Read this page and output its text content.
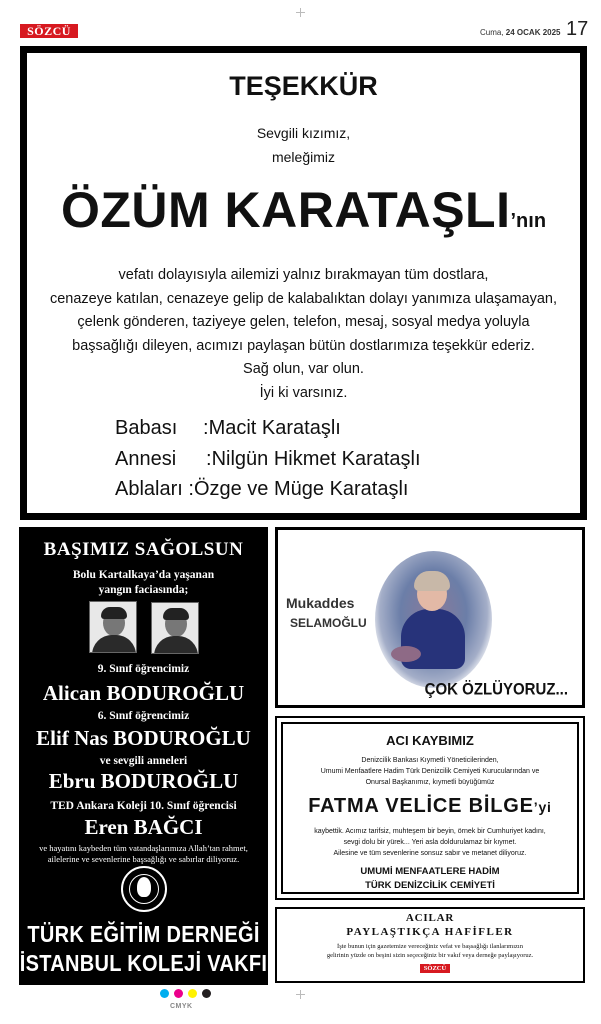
SÖZCÜ	Cuma, 24 OCAK 2025 17
TEŞEKKÜR
Sevgili kızımız,
meleğimiz
ÖZÜM KARATAŞLI’nın
vefatı dolayısıyla ailemizi yalnız bırakmayan tüm dostlara,
cenazeye katılan, cenazeye gelip de kalabalıktan dolayı yanımıza ulaşamayan,
çelenk gönderen, taziyeye gelen, telefon, mesaj, sosyal medya yoluyla
başsağlığı dileyen, acımızı paylaşan bütün dostlarımıza teşekkür ederiz.
Sağ olun, var olun.
İyi ki varsınız.
Babası :Macit Karataşlı
Annesi :Nilgün Hikmet Karataşlı
Ablaları :Özge ve Müge Karataşlı
BAŞIMIZ SAĞOLSUN
Bolu Kartalkaya’da yaşanan
yangın faciasında;
9. Sınıf öğrencimiz
Alican BODUROĞLU
6. Sınıf öğrencimiz
Elif Nas BODUROĞLU
ve sevgili anneleri
Ebru BODUROĞLU
TED Ankara Koleji 10. Sınıf öğrencisi
Eren BAĞCI
ve hayatını kaybeden tüm vatandaşlarımıza Allah’tan rahmet,
ailelerine ve sevenlerine başsağlığı ve sabırlar diliyoruz.
TÜRK EĞİTİM DERNEĞİ
İSTANBUL KOLEJİ VAKFI
Mukaddes
SELAMOĞLU
ÇOK ÖZLÜYORUZ...
ACI KAYBIMIZ
Denizcilik Bankası Kıymetli Yöneticilerinden,
Umumi Menfaatlere Hadim Türk Denizcilik Cemiyeti Kurucularından ve
Onursal Başkanımız, kıymetli büyüğümüz
FATMA VELİCE BİLGE’yi
kaybettik. Acımız tarifsiz, muhteşem bir beyin, örnek bir Cumhuriyet kadını,
sevgi dolu bir yürek... Yeri asla doldurulamaz bir kıymet.
Ailesine ve tüm sevenlerine sonsuz sabır ve metanet diliyoruz.
UMUMİ MENFAATLERE HADİM
TÜRK DENİZCİLİK CEMİYETİ
ACILAR
PAYLAŞTIKÇA HAFİFLER
İşte bunun için gazetemize vereceğiniz vefat ve başsağlığı ilanlarımızın
gelirinin yüzde on beşini sizin seçeceğiniz bir vakıf veya derneğe paylaşıyoruz.
SÖZCÜ
CMYK
